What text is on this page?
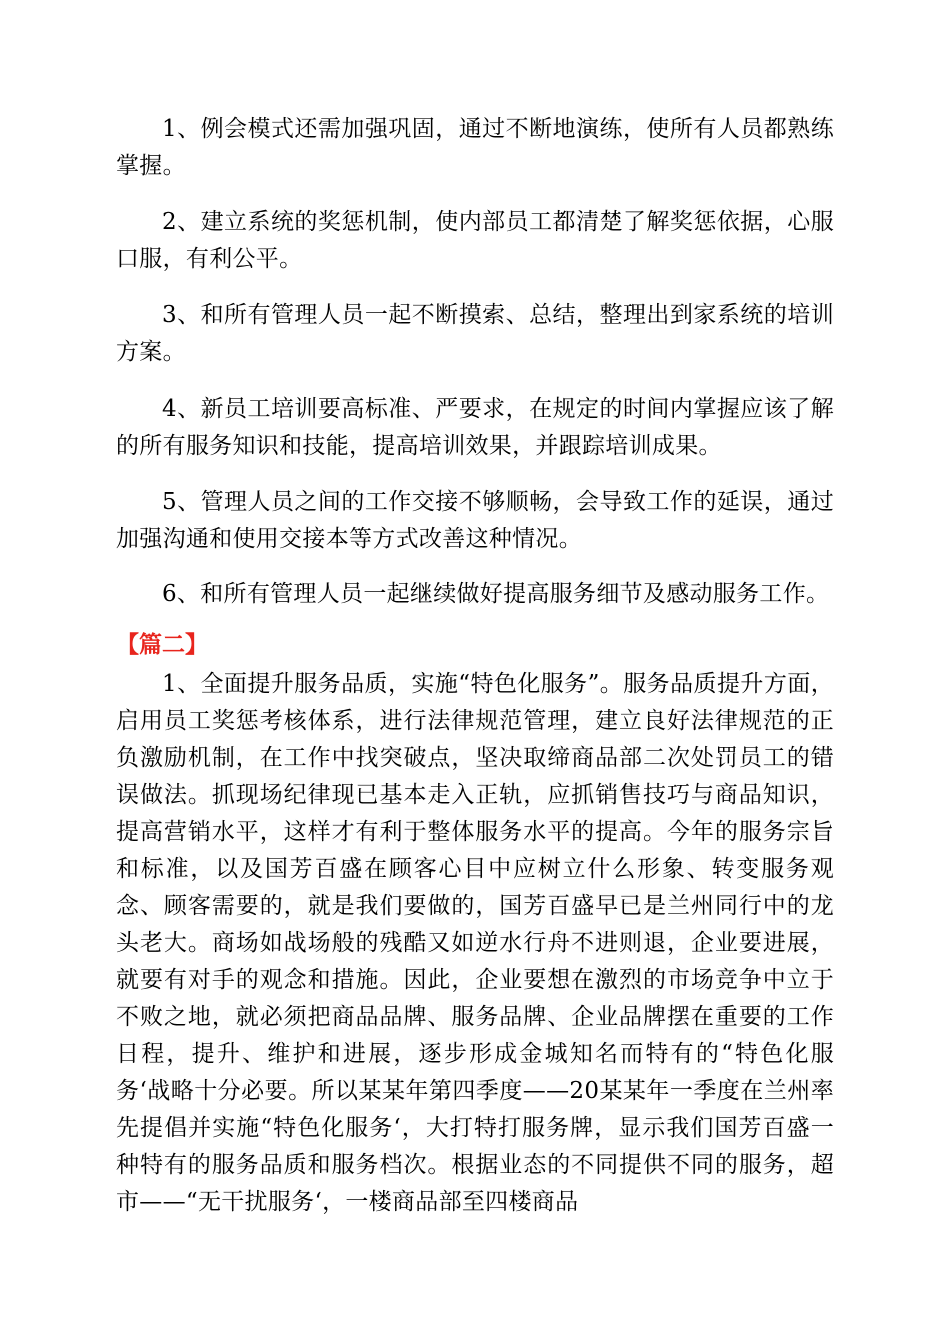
1、例会模式还需加强巩固，通过不断地演练，使所有人员都熟练掌握。

2、建立系统的奖惩机制，使内部员工都清楚了解奖惩依据，心服口服，有利公平。

3、和所有管理人员一起不断摸索、总结，整理出到家系统的培训方案。

4、新员工培训要高标准、严要求，在规定的时间内掌握应该了解的所有服务知识和技能，提高培训效果，并跟踪培训成果。

5、管理人员之间的工作交接不够顺畅，会导致工作的延误，通过加强沟通和使用交接本等方式改善这种情况。

6、和所有管理人员一起继续做好提高服务细节及感动服务工作。

【篇二】

1、全面提升服务品质，实施“特色化服务”。服务品质提升方面，启用员工奖惩考核体系，进行法律规范管理，建立良好法律规范的正负激励机制，在工作中找突破点，坚决取缔商品部二次处罚员工的错误做法。抓现场纪律现已基本走入正轨，应抓销售技巧与商品知识，提高营销水平，这样才有利于整体服务水平的提高。今年的服务宗旨和标准，以及国芳百盛在顾客心目中应树立什么形象、转变服务观念、顾客需要的，就是我们要做的，国芳百盛早已是兰州同行中的龙头老大。商场如战场般的残酷又如逆水行舟不进则退，企业要进展，就要有对手的观念和措施。因此，企业要想在激烈的市场竞争中立于不败之地，就必须把商品品牌、服务品牌、企业品牌摆在重要的工作日程，提升、维护和进展，逐步形成金城知名而特有的“特色化服务‘战略十分必要。所以某某年第四季度——20某某年一季度在兰州率先提倡并实施“特色化服务‘，大打特打服务牌，显示我们国芳百盛一种特有的服务品质和服务档次。根据业态的不同提供不同的服务，超市——“无干扰服务‘，一楼商品部至四楼商品
